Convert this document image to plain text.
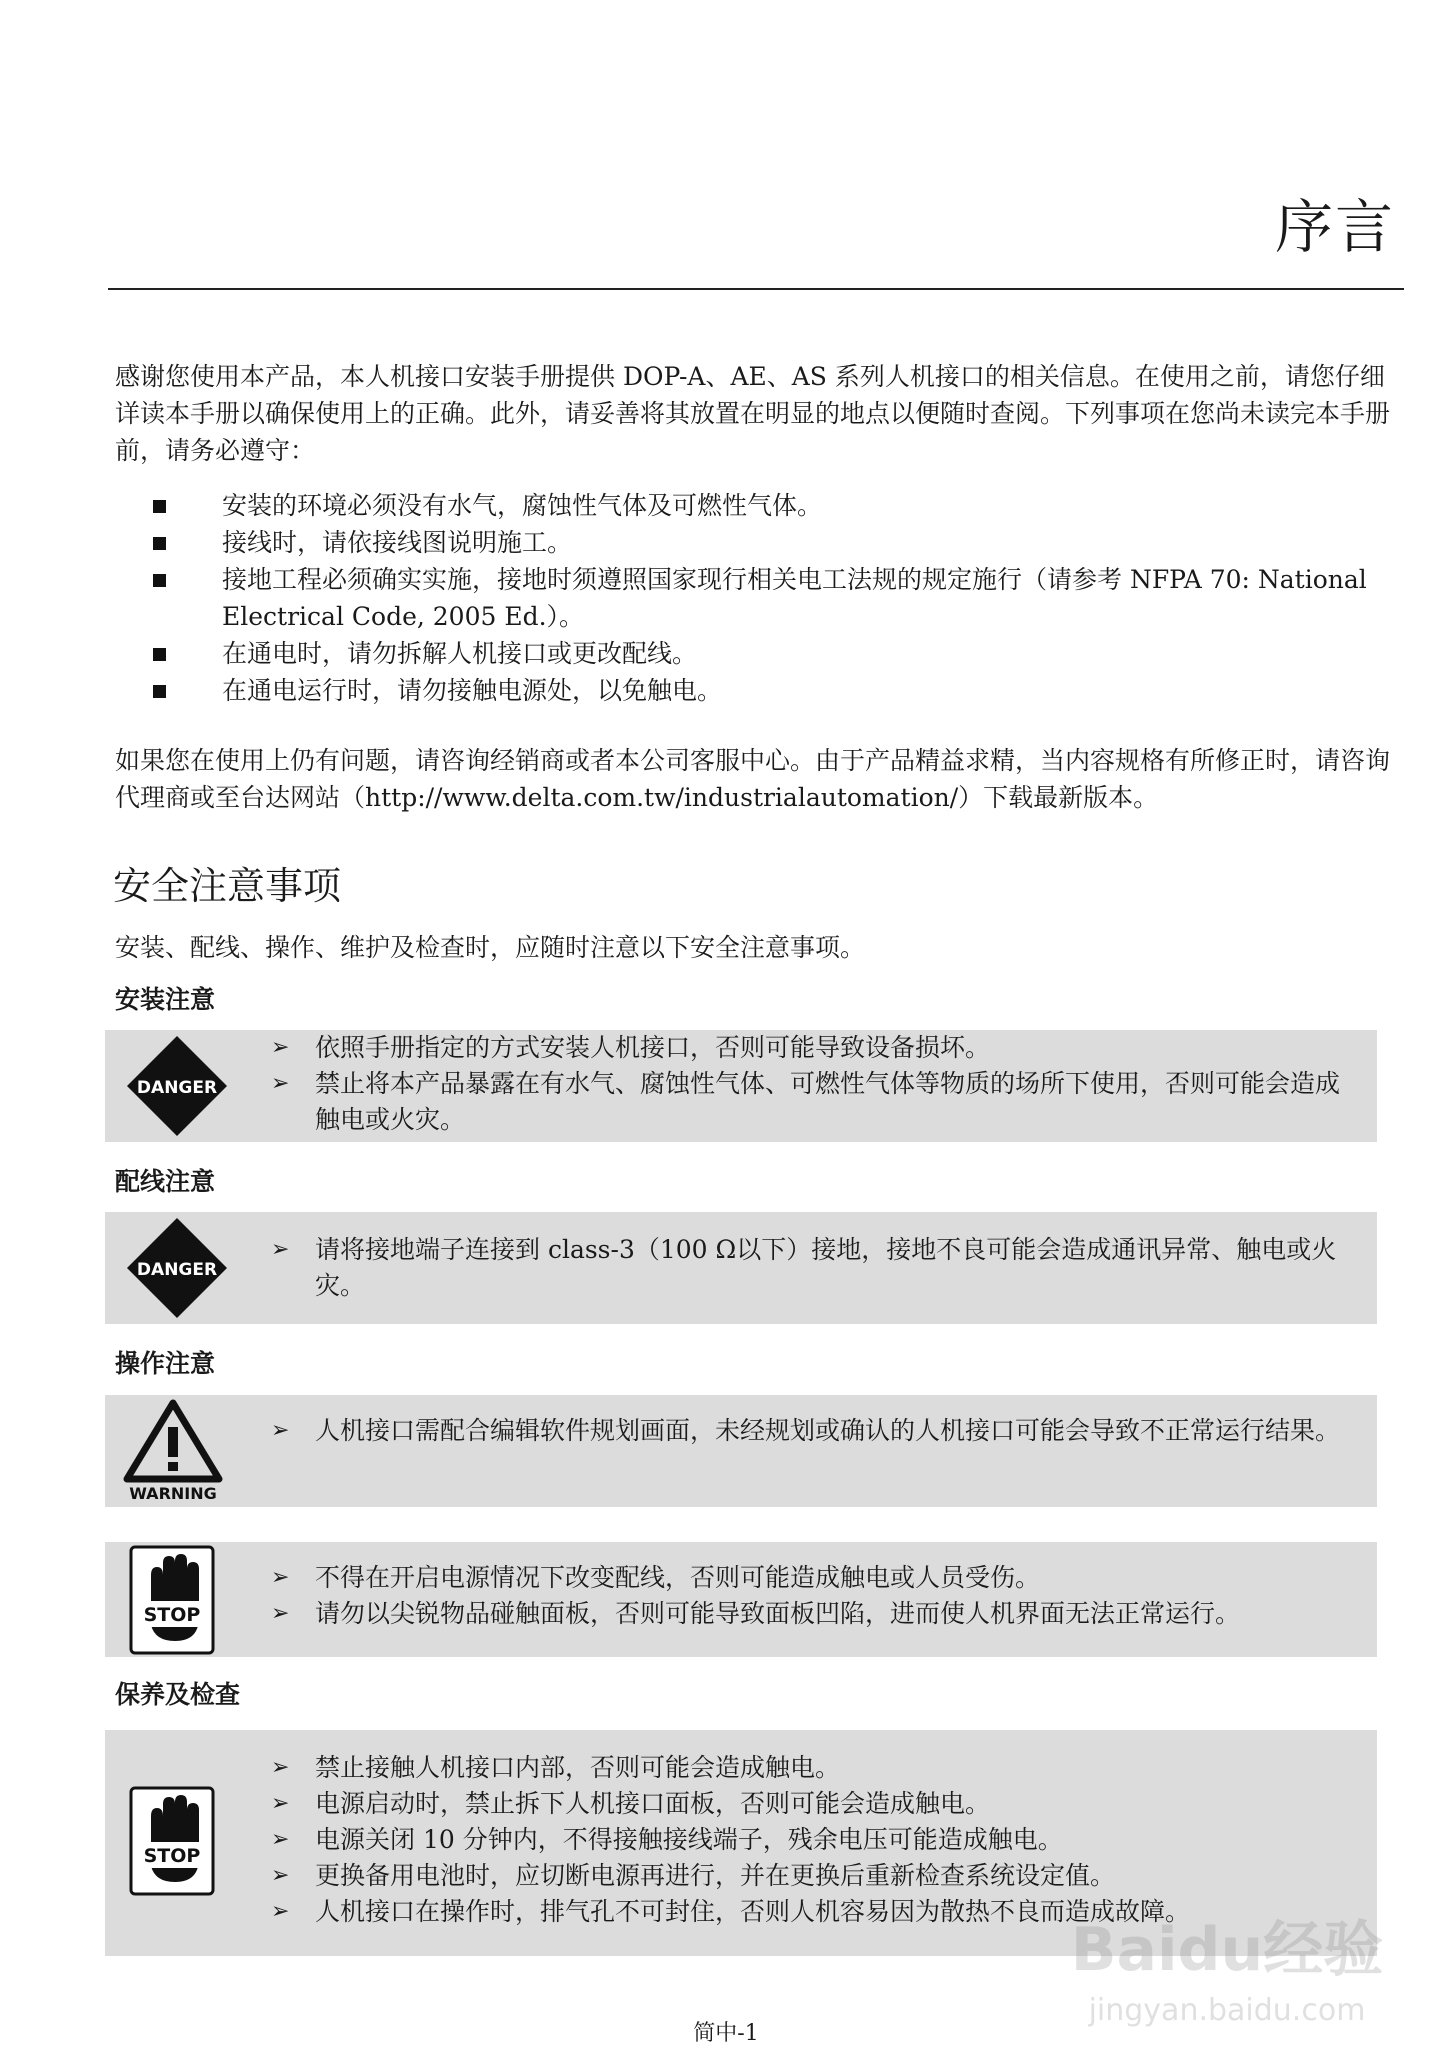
序言
感谢您使用本产品，本人机接口安装手册提供 DOP-A、AE、AS 系列人机接口的相关信息。在使用之前，请您仔细详读本手册以确保使用上的正确。此外，请妥善将其放置在明显的地点以便随时查阅。下列事项在您尚未读完本手册前，请务必遵守：
安装的环境必须没有水气，腐蚀性气体及可燃性气体。
接线时，请依接线图说明施工。
接地工程必须确实实施，接地时须遵照国家现行相关电工法规的规定施行（请参考 NFPA 70: National Electrical Code, 2005 Ed.）。
在通电时，请勿拆解人机接口或更改配线。
在通电运行时，请勿接触电源处，以免触电。
如果您在使用上仍有问题，请咨询经销商或者本公司客服中心。由于产品精益求精，当内容规格有所修正时，请咨询代理商或至台达网站（http://www.delta.com.tw/industrialautomation/）下载最新版本。
安全注意事项
安装、配线、操作、维护及检查时，应随时注意以下安全注意事项。
安装注意
DANGER
➢ 依照手册指定的方式安装人机接口，否则可能导致设备损坏。
➢ 禁止将本产品暴露在有水气、腐蚀性气体、可燃性气体等物质的场所下使用，否则可能会造成触电或火灾。
配线注意
DANGER
➢ 请将接地端子连接到 class-3（100 Ω以下）接地，接地不良可能会造成通讯异常、触电或火灾。
操作注意
WARNING
➢ 人机接口需配合编辑软件规划画面，未经规划或确认的人机接口可能会导致不正常运行结果。
STOP
➢ 不得在开启电源情况下改变配线，否则可能造成触电或人员受伤。
➢ 请勿以尖锐物品碰触面板，否则可能导致面板凹陷，进而使人机界面无法正常运行。
保养及检查
STOP
➢ 禁止接触人机接口内部，否则可能会造成触电。
➢ 电源启动时，禁止拆下人机接口面板，否则可能会造成触电。
➢ 电源关闭 10 分钟内，不得接触接线端子，残余电压可能造成触电。
➢ 更换备用电池时，应切断电源再进行，并在更换后重新检查系统设定值。
➢ 人机接口在操作时，排气孔不可封住，否则人机容易因为散热不良而造成故障。
Baidu经验
jingyan.baidu.com
简中-1
